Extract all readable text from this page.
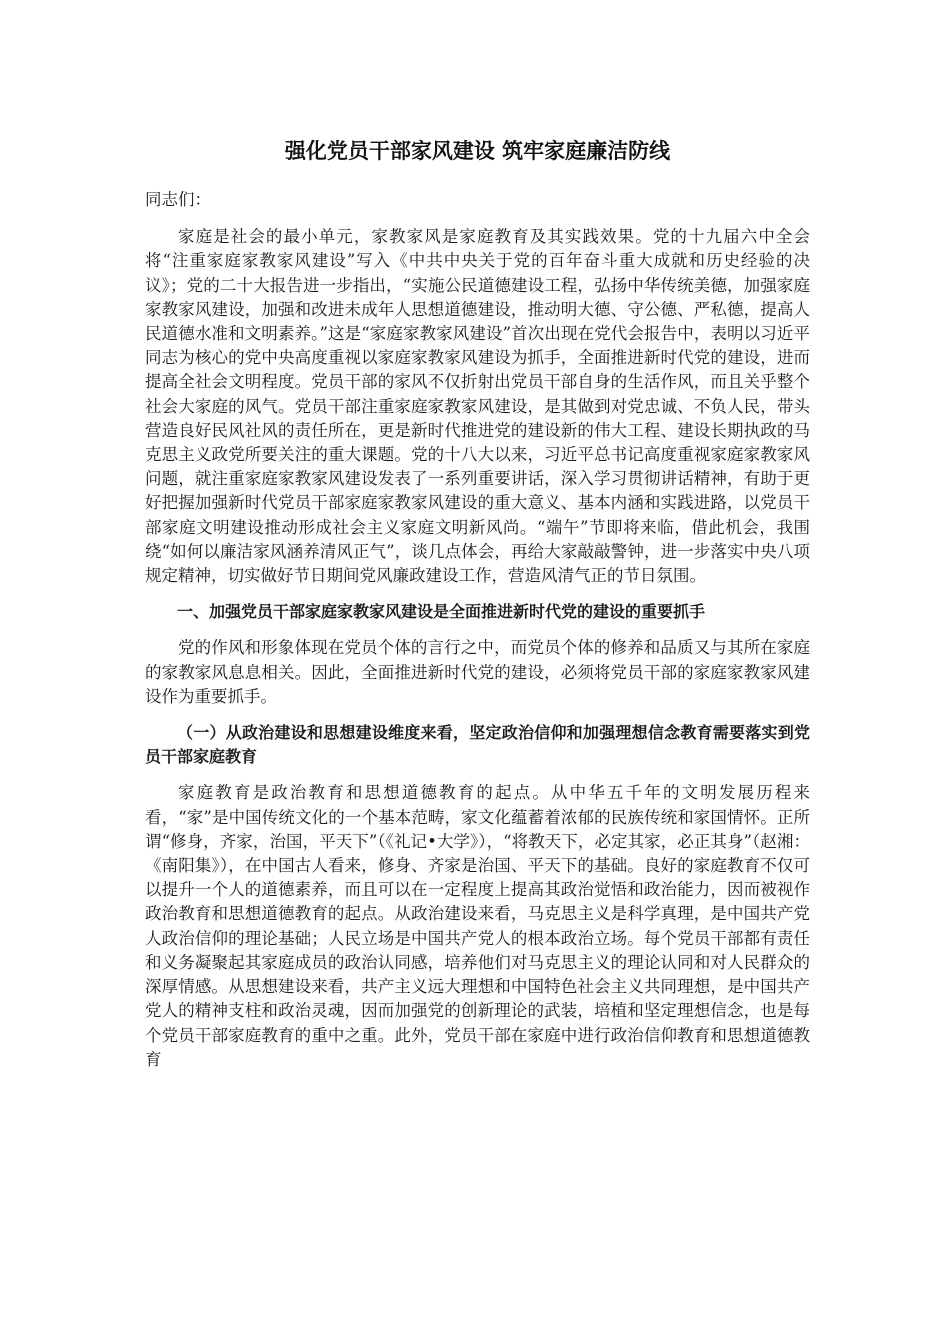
强化党员干部家风建设 筑牢家庭廉洁防线

同志们：

家庭是社会的最小单元，家教家风是家庭教育及其实践效果。党的十九届六中全会将“注重家庭家教家风建设”写入《中共中央关于党的百年奋斗重大成就和历史经验的决议》；党的二十大报告进一步指出，“实施公民道德建设工程，弘扬中华传统美德，加强家庭家教家风建设，加强和改进未成年人思想道德建设，推动明大德、守公德、严私德，提高人民道德水准和文明素养。”这是“家庭家教家风建设”首次出现在党代会报告中，表明以习近平同志为核心的党中央高度重视以家庭家教家风建设为抓手，全面推进新时代党的建设，进而提高全社会文明程度。党员干部的家风不仅折射出党员干部自身的生活作风，而且关乎整个社会大家庭的风气。党员干部注重家庭家教家风建设，是其做到对党忠诚、不负人民，带头营造良好民风社风的责任所在，更是新时代推进党的建设新的伟大工程、建设长期执政的马克思主义政党所要关注的重大课题。党的十八大以来，习近平总书记高度重视家庭家教家风问题，就注重家庭家教家风建设发表了一系列重要讲话，深入学习贯彻讲话精神，有助于更好把握加强新时代党员干部家庭家教家风建设的重大意义、基本内涵和实践进路，以党员干部家庭文明建设推动形成社会主义家庭文明新风尚。“端午”节即将来临，借此机会，我围绕“如何以廉洁家风涵养清风正气”，谈几点体会，再给大家敲敲警钟，进一步落实中央八项规定精神，切实做好节日期间党风廉政建设工作，营造风清气正的节日氛围。

一、加强党员干部家庭家教家风建设是全面推进新时代党的建设的重要抓手

党的作风和形象体现在党员个体的言行之中，而党员个体的修养和品质又与其所在家庭的家教家风息息相关。因此，全面推进新时代党的建设，必须将党员干部的家庭家教家风建设作为重要抓手。

（一）从政治建设和思想建设维度来看，坚定政治信仰和加强理想信念教育需要落实到党员干部家庭教育

家庭教育是政治教育和思想道德教育的起点。从中华五千年的文明发展历程来看，“家”是中国传统文化的一个基本范畴，家文化蕴蓄着浓郁的民族传统和家国情怀。正所谓“修身，齐家，治国，平天下”（《礼记•大学》），“将教天下，必定其家，必正其身”（赵湘：《南阳集》），在中国古人看来，修身、齐家是治国、平天下的基础。良好的家庭教育不仅可以提升一个人的道德素养，而且可以在一定程度上提高其政治觉悟和政治能力，因而被视作政治教育和思想道德教育的起点。从政治建设来看，马克思主义是科学真理，是中国共产党人政治信仰的理论基础；人民立场是中国共产党人的根本政治立场。每个党员干部都有责任和义务凝聚起其家庭成员的政治认同感，培养他们对马克思主义的理论认同和对人民群众的深厚情感。从思想建设来看，共产主义远大理想和中国特色社会主义共同理想，是中国共产党人的精神支柱和政治灵魂，因而加强党的创新理论的武装，培植和坚定理想信念，也是每个党员干部家庭教育的重中之重。此外，党员干部在家庭中进行政治信仰教育和思想道德教育
